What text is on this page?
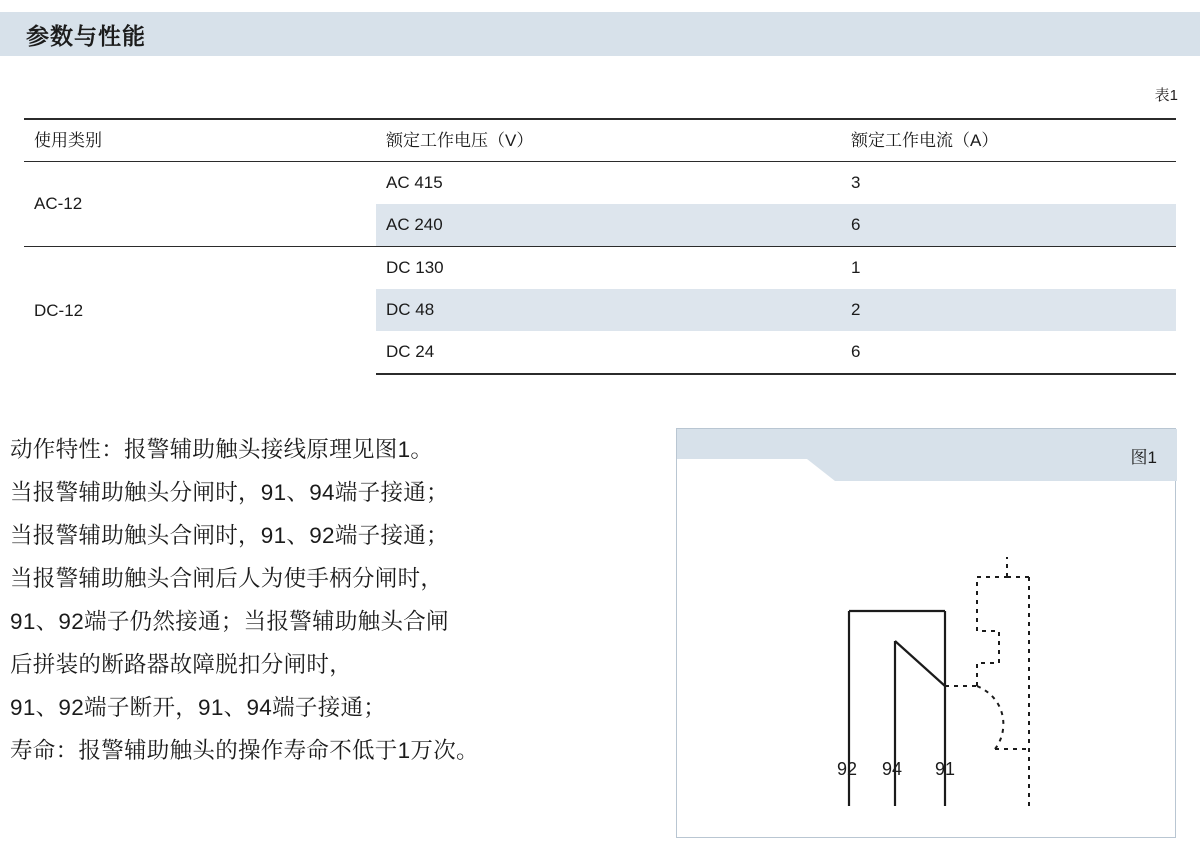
参数与性能
表1
使用类别	额定工作电压（V）	额定工作电流（A）
AC-12	AC 415	3
	AC 240	6
DC-12	DC 130	1
	DC 48	2
	DC 24	6

动作特性：报警辅助触头接线原理见图1。

当报警辅助触头分闸时，91、94端子接通；

当报警辅助触头合闸时，91、92端子接通；

当报警辅助触头合闸后人为使手柄分闸时，

91、92端子仍然接通；当报警辅助触头合闸

后拼装的断路器故障脱扣分闸时，

91、92端子断开，91、94端子接通；

寿命：报警辅助触头的操作寿命不低于1万次。

图1
92 94 91
